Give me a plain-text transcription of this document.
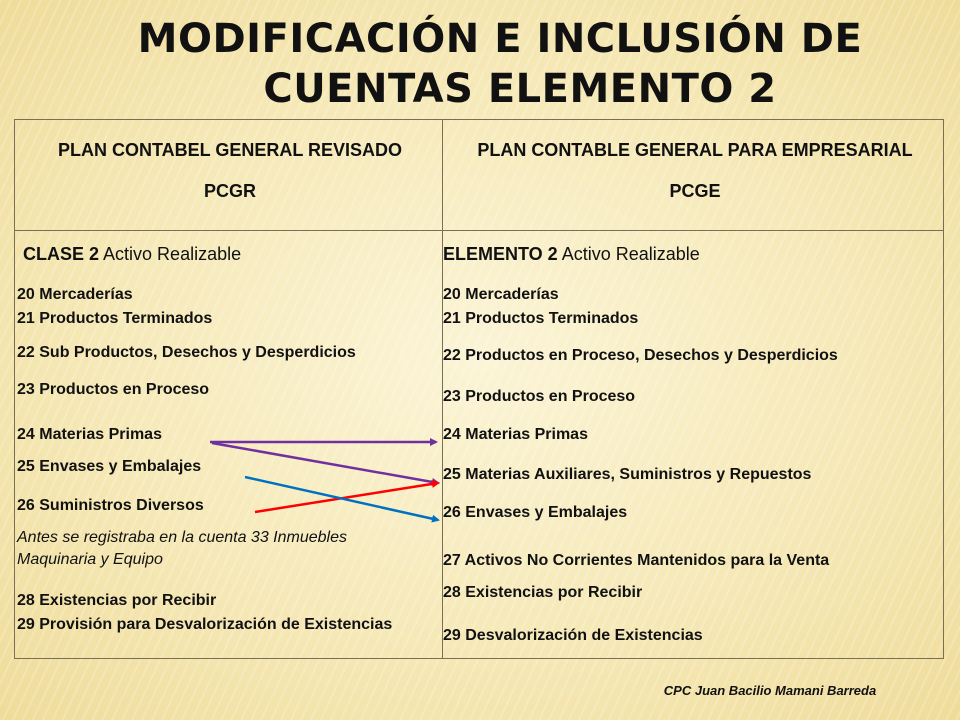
MODIFICACIÓN E INCLUSIÓN DE
CUENTAS ELEMENTO 2
PLAN CONTABEL GENERAL REVISADO
PCGR
PLAN CONTABLE GENERAL PARA EMPRESARIAL
PCGE
CLASE 2 Activo Realizable	ELEMENTO 2 Activo Realizable
20 Mercaderías
21 Productos Terminados
22 Sub Productos, Desechos y Desperdicios
23 Productos en Proceso
24 Materias Primas
25 Envases y Embalajes
26 Suministros Diversos
Antes se registraba en la cuenta 33 Inmuebles Maquinaria y Equipo
28 Existencias por Recibir
29 Provisión para Desvalorización de Existencias
20 Mercaderías
21 Productos Terminados
22 Productos en Proceso, Desechos y Desperdicios
23 Productos en Proceso
24 Materias Primas
25 Materias Auxiliares, Suministros y Repuestos
26 Envases y Embalajes
27 Activos No Corrientes Mantenidos para la Venta
28 Existencias por Recibir
29 Desvalorización de Existencias
CPC Juan Bacilio Mamani Barreda
